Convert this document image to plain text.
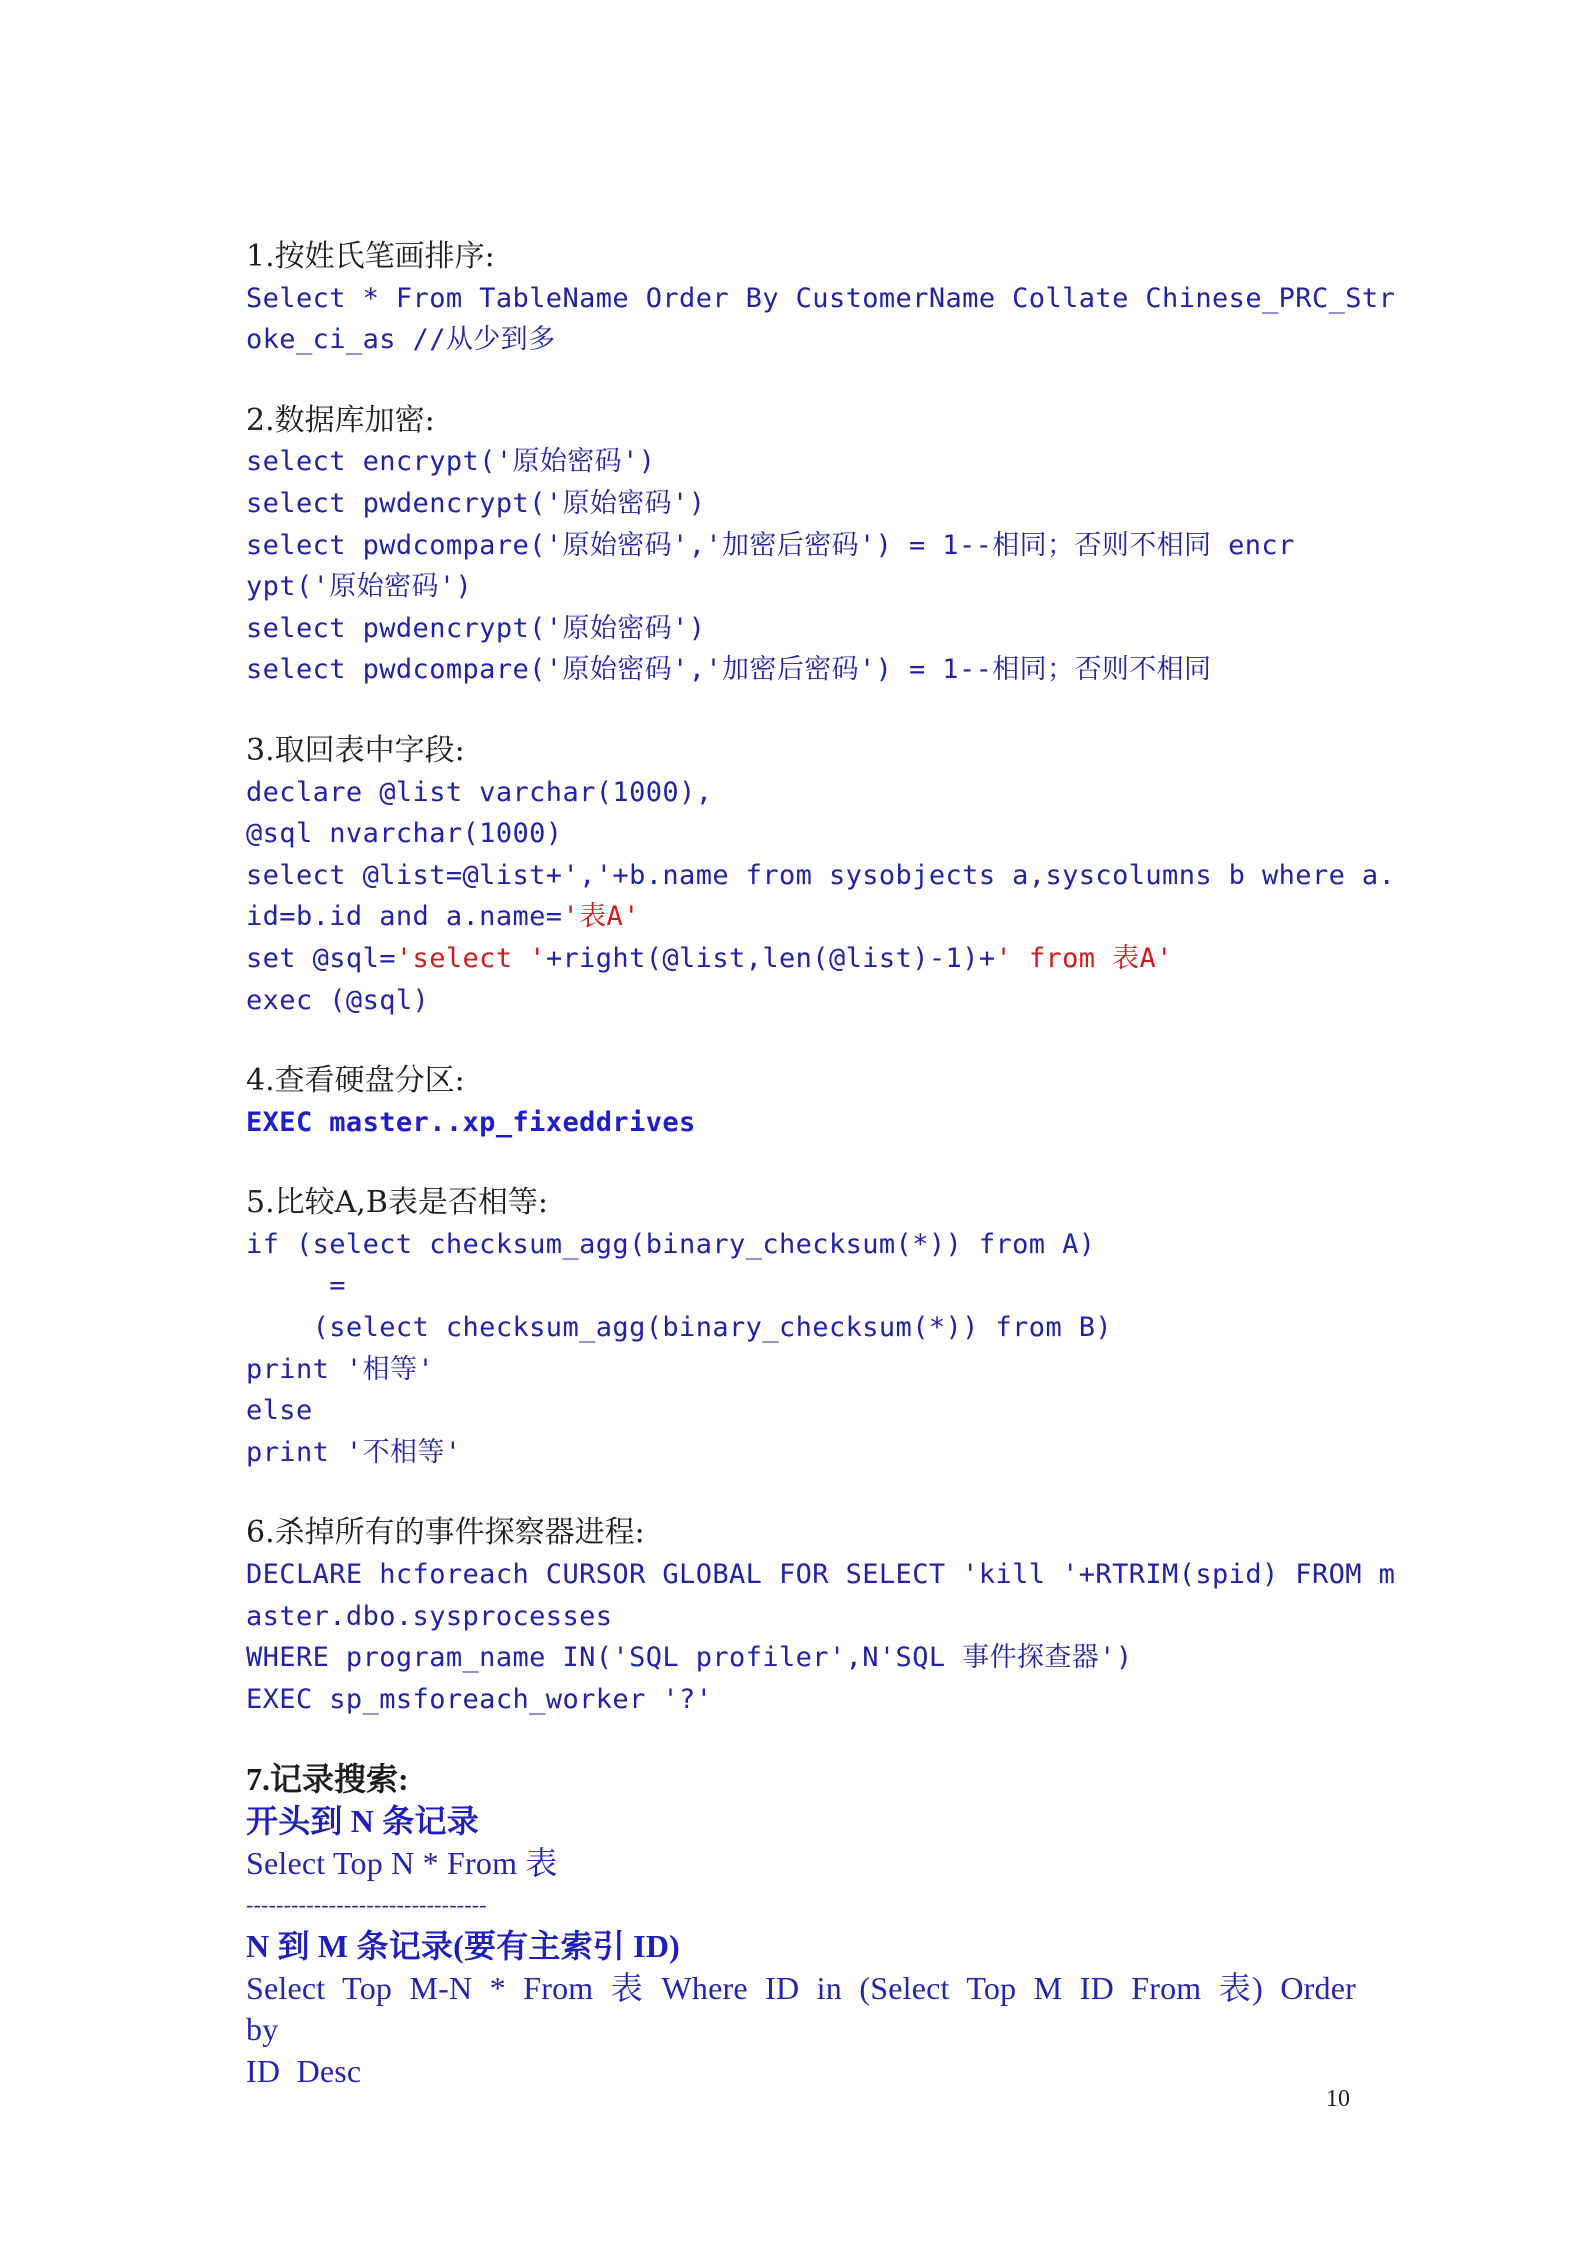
1.按姓氏笔画排序:
Select * From TableName Order By CustomerName Collate Chinese_PRC_Str
oke_ci_as //从少到多
2.数据库加密:
select encrypt('原始密码')
select pwdencrypt('原始密码')
select pwdcompare('原始密码','加密后密码') = 1--相同；否则不相同 encr
ypt('原始密码')
select pwdencrypt('原始密码')
select pwdcompare('原始密码','加密后密码') = 1--相同；否则不相同
3.取回表中字段:
declare @list varchar(1000),
@sql nvarchar(1000)
select @list=@list+','+b.name from sysobjects a,syscolumns b where a.
id=b.id and a.name='表A'
set @sql='select '+right(@list,len(@list)-1)+' from 表A'
exec (@sql)
4.查看硬盘分区:
EXEC master..xp_fixeddrives
5.比较A,B表是否相等:
if (select checksum_agg(binary_checksum(*)) from A)
=
(select checksum_agg(binary_checksum(*)) from B)
print '相等'
else
print '不相等'
6.杀掉所有的事件探察器进程:
DECLARE hcforeach CURSOR GLOBAL FOR SELECT 'kill '+RTRIM(spid) FROM m
aster.dbo.sysprocesses
WHERE program_name IN('SQL profiler',N'SQL 事件探查器')
EXEC sp_msforeach_worker '?'
7.记录搜索:
开头到 N 条记录
Select Top N * From 表
--------------------------------
N 到 M 条记录(要有主索引 ID)
Select Top M-N * From 表 Where ID in (Select Top M ID From 表) Order by
ID  Desc
10
